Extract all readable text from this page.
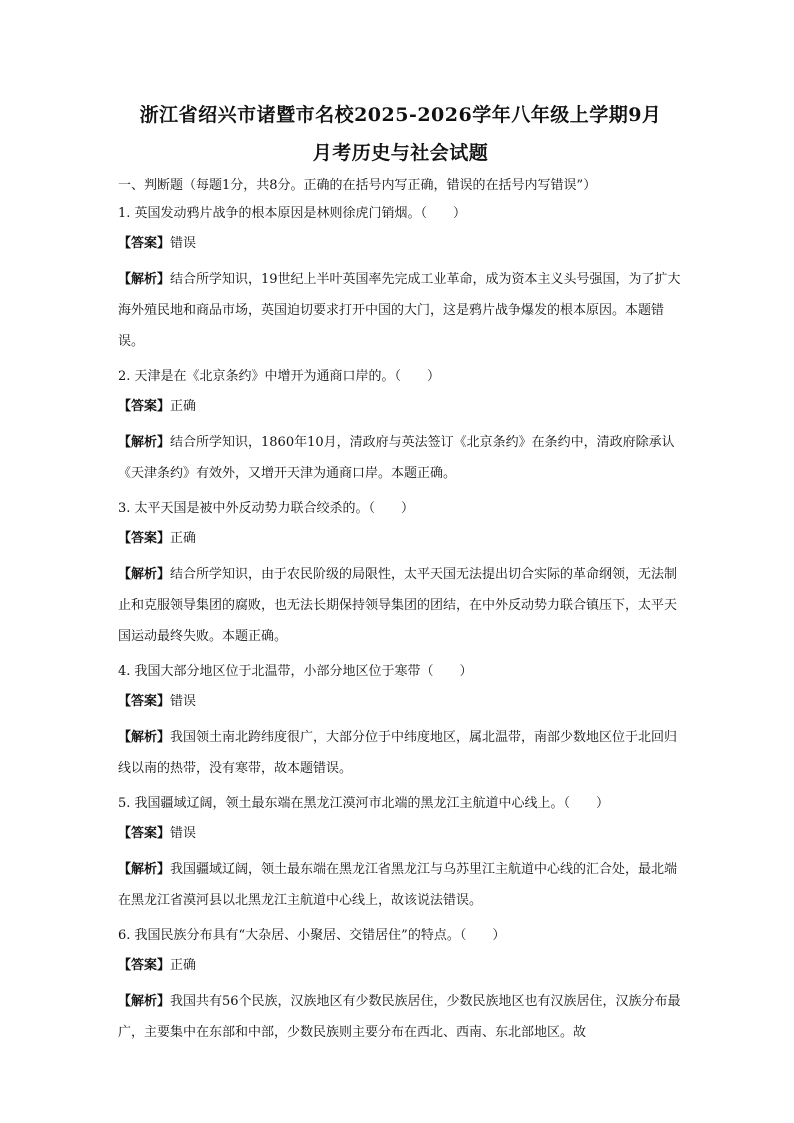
浙江省绍兴市诸暨市名校2025-2026学年八年级上学期9月
月考历史与社会试题

一、判断题（每题1分，共8分。正确的在括号内写正确，错误的在括号内写错误”）

1. 英国发动鸦片战争的根本原因是林则徐虎门销烟。（　　）

【答案】错误

【解析】结合所学知识，19世纪上半叶英国率先完成工业革命，成为资本主义头号强国，为了扩大海外殖民地和商品市场，英国迫切要求打开中国的大门，这是鸦片战争爆发的根本原因。本题错误。

2. 天津是在《北京条约》中增开为通商口岸的。（　　）

【答案】正确

【解析】结合所学知识，1860年10月，清政府与英法签订《北京条约》在条约中，清政府除承认《天津条约》有效外，又增开天津为通商口岸。本题正确。

3. 太平天国是被中外反动势力联合绞杀的。（　　）

【答案】正确

【解析】结合所学知识，由于农民阶级的局限性，太平天国无法提出切合实际的革命纲领，无法制止和克服领导集团的腐败，也无法长期保持领导集团的团结，在中外反动势力联合镇压下，太平天国运动最终失败。本题正确。

4. 我国大部分地区位于北温带，小部分地区位于寒带（　　）

【答案】错误

【解析】我国领土南北跨纬度很广，大部分位于中纬度地区，属北温带，南部少数地区位于北回归线以南的热带，没有寒带，故本题错误。

5. 我国疆域辽阔，领土最东端在黑龙江漠河市北端的黑龙江主航道中心线上。（　　）

【答案】错误

【解析】我国疆域辽阔，领土最东端在黑龙江省黑龙江与乌苏里江主航道中心线的汇合处，最北端在黑龙江省漠河县以北黑龙江主航道中心线上，故该说法错误。

6. 我国民族分布具有“大杂居、小聚居、交错居住”的特点。（　　）

【答案】正确

【解析】我国共有56个民族，汉族地区有少数民族居住，少数民族地区也有汉族居住，汉族分布最广，主要集中在东部和中部，少数民族则主要分布在西北、西南、东北部地区。故
